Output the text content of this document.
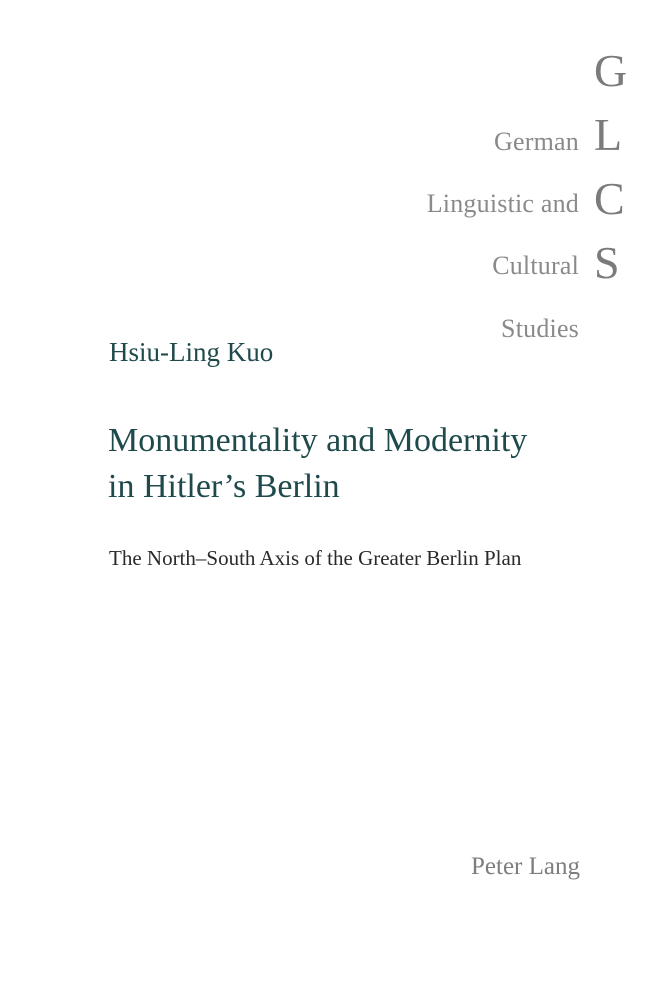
German
Linguistic and
Cultural
Studies
G
L
C
S
Hsiu-Ling Kuo
Monumentality and Modernity
in Hitler’s Berlin
The North–South Axis of the Greater Berlin Plan
Peter Lang
